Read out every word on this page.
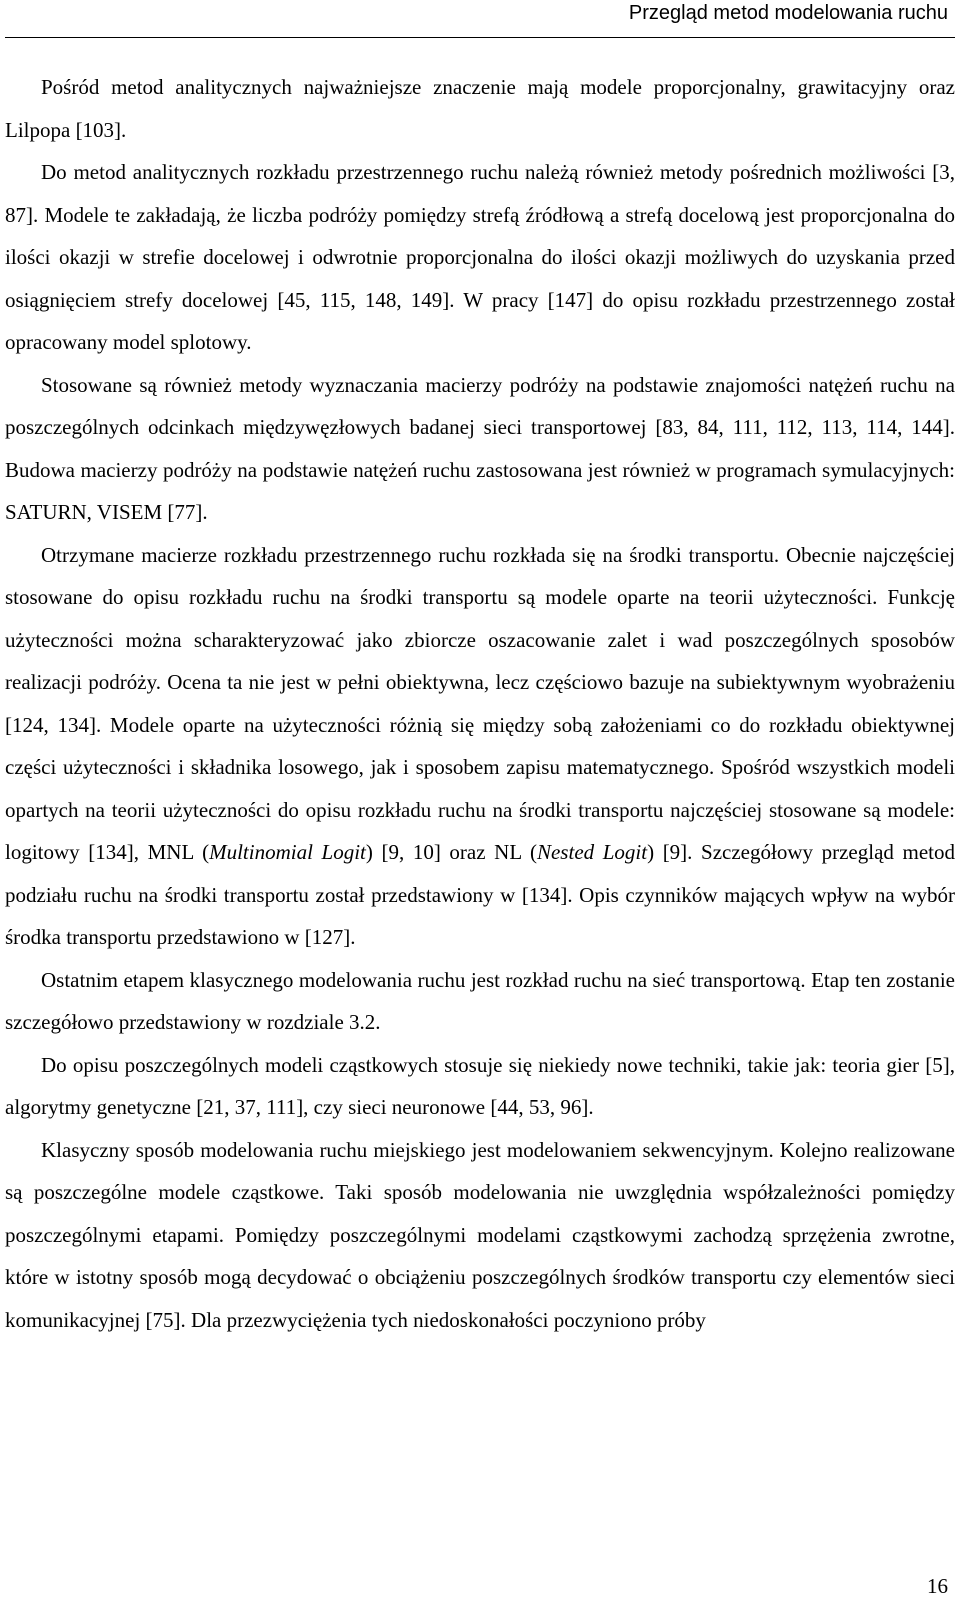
Przegląd metod modelowania ruchu

Pośród metod analitycznych najważniejsze znaczenie mają modele proporcjonalny, grawitacyjny oraz Lilpopa [103].

Do metod analitycznych rozkładu przestrzennego ruchu należą również metody pośrednich możliwości [3, 87]. Modele te zakładają, że liczba podróży pomiędzy strefą źródłową a strefą docelową jest proporcjonalna do ilości okazji w strefie docelowej i odwrotnie proporcjonalna do ilości okazji możliwych do uzyskania przed osiągnięciem strefy docelowej [45, 115, 148, 149]. W pracy [147] do opisu rozkładu przestrzennego został opracowany model splotowy.

Stosowane są również metody wyznaczania macierzy podróży na podstawie znajomości natężeń ruchu na poszczególnych odcinkach międzywęzłowych badanej sieci transportowej [83, 84, 111, 112, 113, 114, 144]. Budowa macierzy podróży na podstawie natężeń ruchu zastosowana jest również w programach symulacyjnych: SATURN, VISEM [77].

Otrzymane macierze rozkładu przestrzennego ruchu rozkłada się na środki transportu. Obecnie najczęściej stosowane do opisu rozkładu ruchu na środki transportu są modele oparte na teorii użyteczności. Funkcję użyteczności można scharakteryzować jako zbiorcze oszacowanie zalet i wad poszczególnych sposobów realizacji podróży. Ocena ta nie jest w pełni obiektywna, lecz częściowo bazuje na subiektywnym wyobrażeniu [124, 134]. Modele oparte na użyteczności różnią się między sobą założeniami co do rozkładu obiektywnej części użyteczności i składnika losowego, jak i sposobem zapisu matematycznego. Spośród wszystkich modeli opartych na teorii użyteczności do opisu rozkładu ruchu na środki transportu najczęściej stosowane są modele: logitowy [134], MNL (Multinomial Logit) [9, 10] oraz NL (Nested Logit) [9]. Szczegółowy przegląd metod podziału ruchu na środki transportu został przedstawiony w [134]. Opis czynników mających wpływ na wybór środka transportu przedstawiono w [127].

Ostatnim etapem klasycznego modelowania ruchu jest rozkład ruchu na sieć transportową. Etap ten zostanie szczegółowo przedstawiony w rozdziale 3.2.

Do opisu poszczególnych modeli cząstkowych stosuje się niekiedy nowe techniki, takie jak: teoria gier [5], algorytmy genetyczne [21, 37, 111], czy sieci neuronowe [44, 53, 96].

Klasyczny sposób modelowania ruchu miejskiego jest modelowaniem sekwencyjnym. Kolejno realizowane są poszczególne modele cząstkowe. Taki sposób modelowania nie uwzględnia współzależności pomiędzy poszczególnymi etapami. Pomiędzy poszczególnymi modelami cząstkowymi zachodzą sprzężenia zwrotne, które w istotny sposób mogą decydować o obciążeniu poszczególnych środków transportu czy elementów sieci komunikacyjnej [75]. Dla przezwyciężenia tych niedoskonałości poczyniono próby

16
